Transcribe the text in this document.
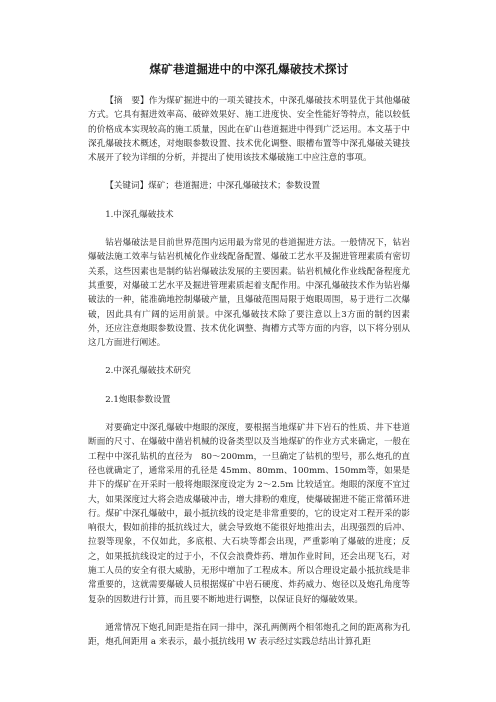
煤矿巷道掘进中的中深孔爆破技术探讨

【摘　要】作为煤矿掘进中的一项关键技术，中深孔爆破技术明显优于其他爆破方式。它具有掘进效率高、破碎效果好、施工进度快、安全性能好等特点，能以较低的价格成本实现较高的施工质量，因此在矿山巷道掘进中得到广泛运用。本文基于中深孔爆破技术概述，对炮眼参数设置、技术优化调整、眼槽布置等中深孔爆破关键技术展开了较为详细的分析，并提出了使用该技术爆破施工中应注意的事项。

【关键词】煤矿；巷道掘进；中深孔爆破技术；参数设置

1.中深孔爆破技术

钻岩爆破法是目前世界范围内运用最为常见的巷道掘进方法。一般情况下，钻岩爆破法施工效率与钻岩机械化作业线配备配置、爆破工艺水平及掘进管理素质有密切关系，这些因素也是制约钻岩爆破法发展的主要因素。钻岩机械化作业线配备程度尤其重要，对爆破工艺水平及掘进管理素质起着支配作用。中深孔爆破技术作为钻岩爆破法的一种，能准确地控制爆破产量，且爆破范围局限于炮眼周围，易于进行二次爆破，因此具有广阔的运用前景。中深孔爆破技术除了要注意以上3方面的制约因素外，还应注意炮眼参数设置、技术优化调整、掏槽方式等方面的内容，以下将分别从这几方面进行阐述。

2.中深孔爆破技术研究

2.1炮眼参数设置

对要确定中深孔爆破中炮眼的深度，要根据当地煤矿井下岩石的性质、井下巷道断面的尺寸、在爆破中凿岩机械的设备类型以及当地煤矿的作业方式来确定，一般在工程中中深孔钻机的直径为　80～200mm，一旦确定了钻机的型号，那么炮孔的直径也就确定了，通常采用的孔径是 45mm、80mm、100mm、150mm等，如果是井下的煤矿在开采时一般将炮眼深度设定为 2～2.5m 比较适宜。炮眼的深度不宜过大，如果深度过大将会造成爆破冲击，增大排粉的难度，使爆破掘进不能正常循环进行。煤矿中深孔爆破中，最小抵抗线的设定是非常重要的，它的设定对工程开采的影响很大，假如前排的抵抗线过大，就会导致炮不能很好地推出去，出现强烈的后冲、拉裂等现象，不仅如此，多底根、大石块等都会出现，严重影响了爆破的进度；反之，如果抵抗线设定的过于小，不仅会浪费炸药、增加作业时间，还会出现飞石，对施工人员的安全有很大威胁，无形中增加了工程成本。所以合理设定最小抵抗线是非常重要的，这就需要爆破人员根据煤矿中岩石硬度、炸药威力、炮径以及炮孔角度等复杂的因数进行计算，而且要不断地进行调整，以保证良好的爆破效果。

通常情况下炮孔间距是指在同一排中，深孔两侧两个相邻炮孔之间的距离称为孔距，炮孔间距用 a 来表示，最小抵抗线用 W 表示经过实践总结出计算孔距
